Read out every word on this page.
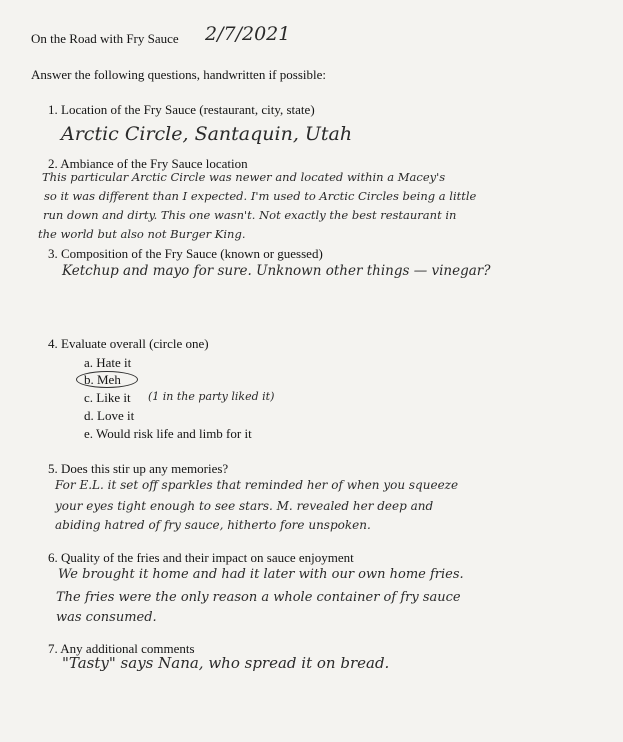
On the Road with Fry Sauce 2/7/2021
Answer the following questions, handwritten if possible:
1. Location of the Fry Sauce (restaurant, city, state)
Arctic Circle, Santaquin, Utah
2. Ambiance of the Fry Sauce location
This particular Arctic Circle was newer and located within a Macey's
so it was different than I expected. I'm used to Arctic Circles being a little
run down and dirty. This one wasn't. Not exactly the best restaurant in
the world but also not Burger King.
3. Composition of the Fry Sauce (known or guessed)
Ketchup and mayo for sure. Unknown other things — vinegar?
4. Evaluate overall (circle one)
a. Hate it
b. Meh
c. Like it (1 in the party liked it)
d. Love it
e. Would risk life and limb for it
5. Does this stir up any memories?
For E.L. it set off sparkles that reminded her of when you squeeze
your eyes tight enough to see stars. M. revealed her deep and
abiding hatred of fry sauce, hitherto fore unspoken.
6. Quality of the fries and their impact on sauce enjoyment
We brought it home and had it later with our own home fries.
The fries were the only reason a whole container of fry sauce
was consumed.
7. Any additional comments
"Tasty" says Nana, who spread it on bread.
